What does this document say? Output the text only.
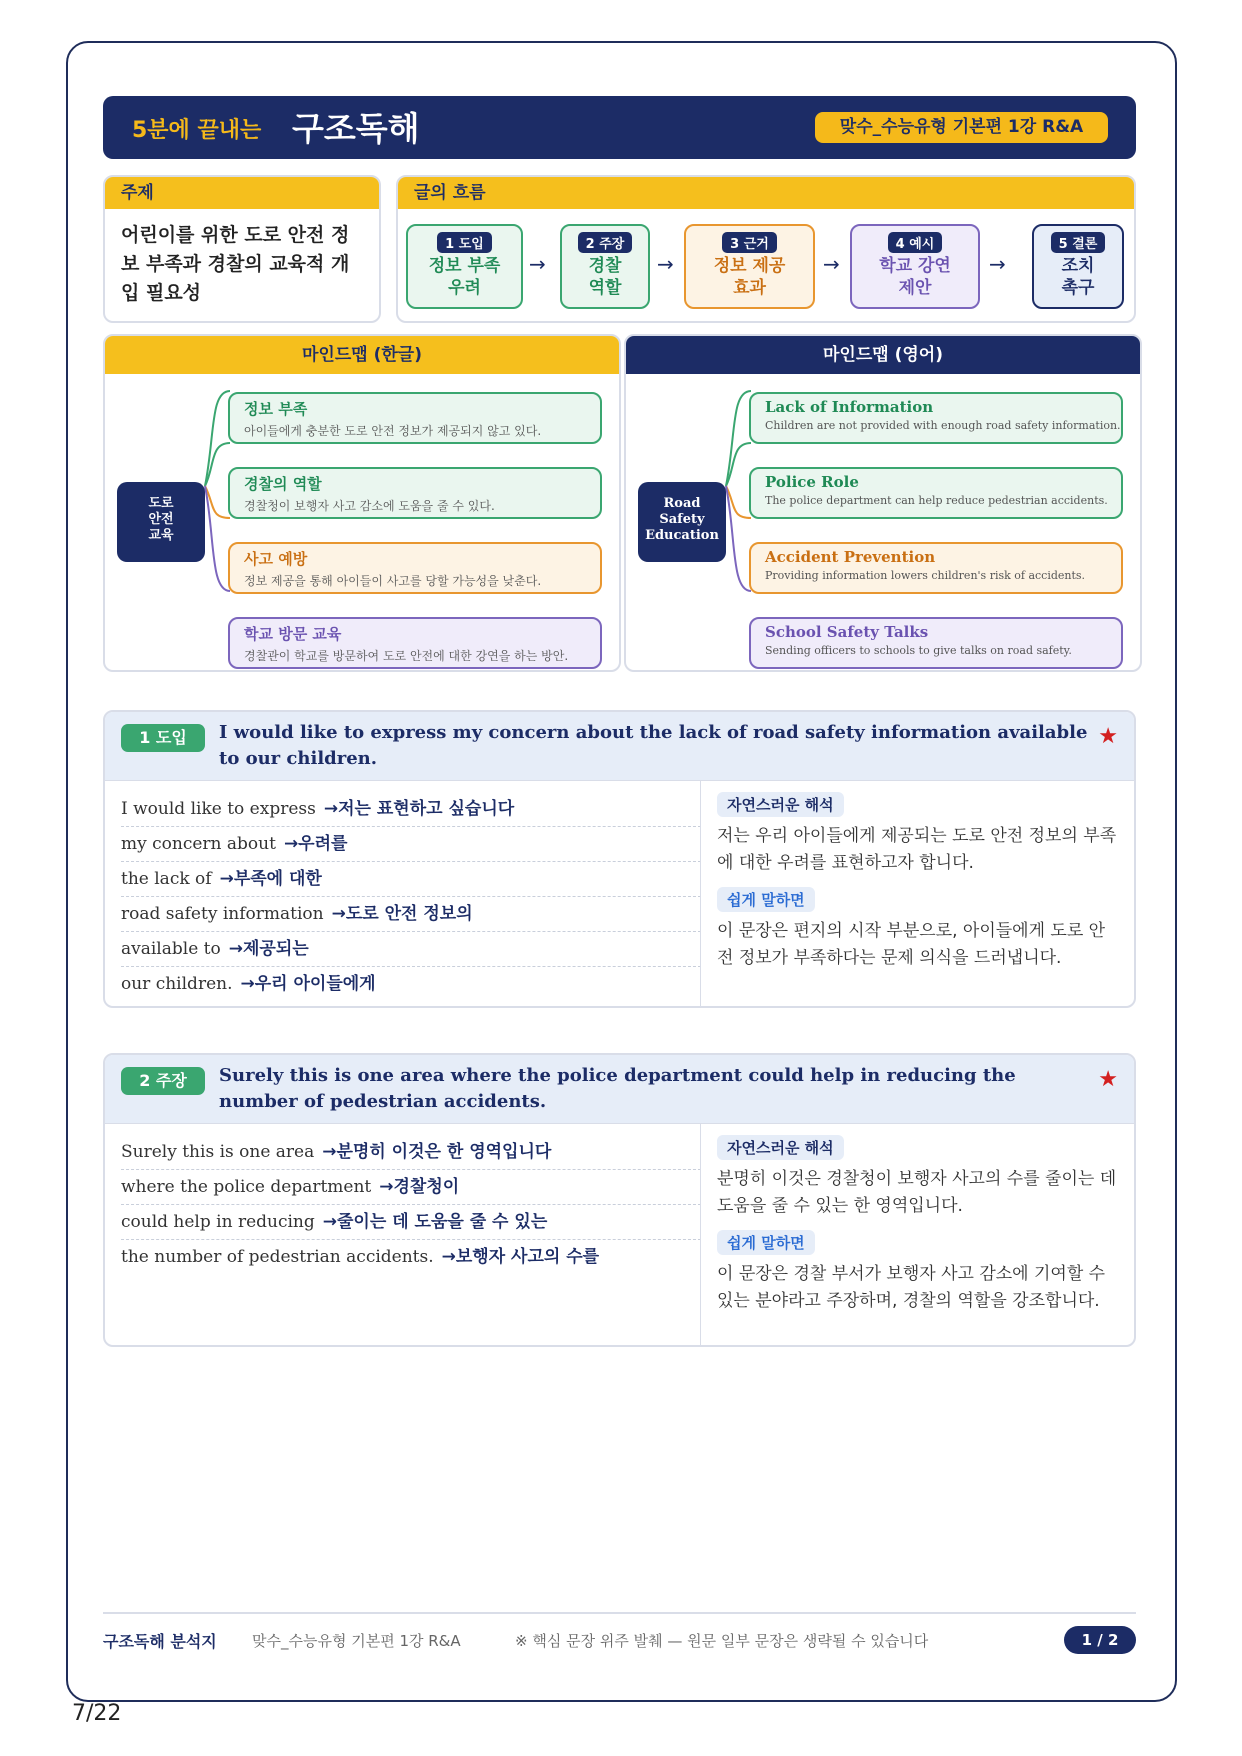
5분에 끝내는 구조독해	맞수_수능유형 기본편 1강 R&A
주제
어린이를 위한 도로 안전 정보 부족과 경찰의 교육적 개입 필요성
글의 흐름
1 도입
정보 부족 우려
→
2 주장
경찰 역할
→
3 근거
정보 제공 효과
→
4 예시
학교 강연 제안
→
5 결론
조치 촉구
마인드맵 (한글)
도로 안전 교육
정보 부족
아이들에게 충분한 도로 안전 정보가 제공되지 않고 있다.
경찰의 역할
경찰청이 보행자 사고 감소에 도움을 줄 수 있다.
사고 예방
정보 제공을 통해 아이들이 사고를 당할 가능성을 낮춘다.
학교 방문 교육
경찰관이 학교를 방문하여 도로 안전에 대한 강연을 하는 방안.
마인드맵 (영어)
Road Safety Education
Lack of Information
Children are not provided with enough road safety information.
Police Role
The police department can help reduce pedestrian accidents.
Accident Prevention
Providing information lowers children's risk of accidents.
School Safety Talks
Sending officers to schools to give talks on road safety.
1 도입	I would like to express my concern about the lack of road safety information available to our children.
★
I would like to express →저는 표현하고 싶습니다
my concern about →우려를
the lack of →부족에 대한
road safety information →도로 안전 정보의
available to →제공되는
our children. →우리 아이들에게
자연스러운 해석
저는 우리 아이들에게 제공되는 도로 안전 정보의 부족에 대한 우려를 표현하고자 합니다.
쉽게 말하면
이 문장은 편지의 시작 부분으로, 아이들에게 도로 안전 정보가 부족하다는 문제 의식을 드러냅니다.
2 주장	Surely this is one area where the police department could help in reducing the number of pedestrian accidents.
★
Surely this is one area →분명히 이것은 한 영역입니다
where the police department →경찰청이
could help in reducing →줄이는 데 도움을 줄 수 있는
the number of pedestrian accidents. →보행자 사고의 수를
자연스러운 해석
분명히 이것은 경찰청이 보행자 사고의 수를 줄이는 데 도움을 줄 수 있는 한 영역입니다.
쉽게 말하면
이 문장은 경찰 부서가 보행자 사고 감소에 기여할 수 있는 분야라고 주장하며, 경찰의 역할을 강조합니다.
구조독해 분석지 맞수_수능유형 기본편 1강 R&A	※ 핵심 문장 위주 발췌 — 원문 일부 문장은 생략될 수 있습니다	1 / 2
7/22
